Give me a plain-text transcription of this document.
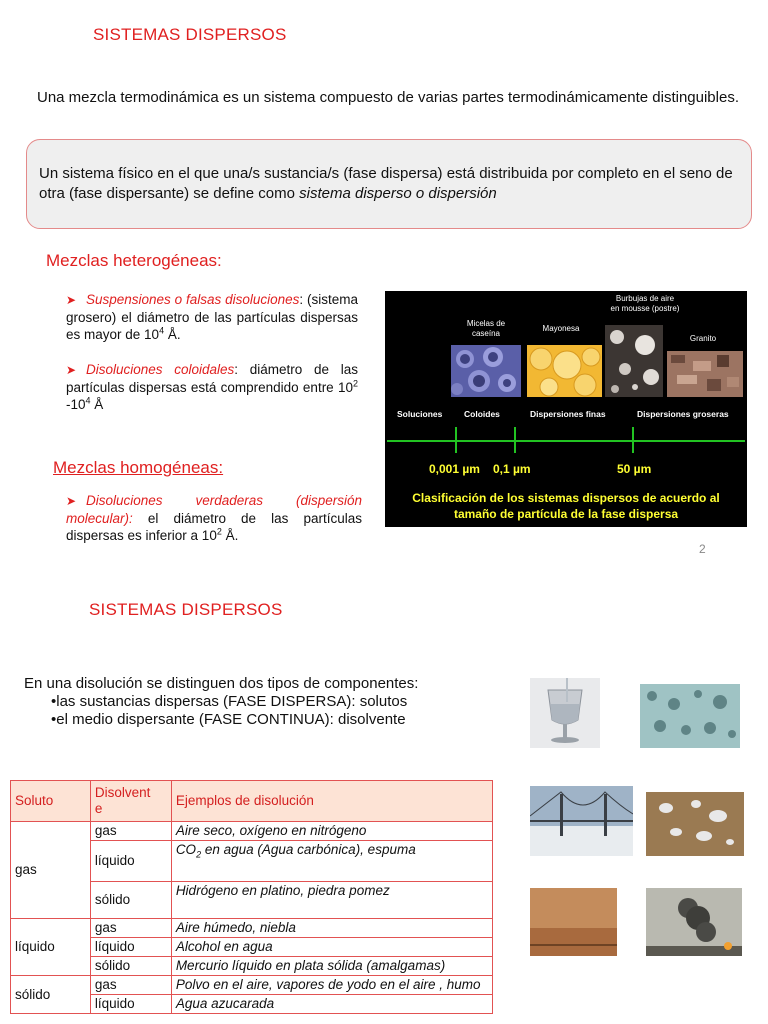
SISTEMAS DISPERSOS
Una mezcla termodinámica es un sistema compuesto de varias partes termodinámicamente distinguibles.
Un sistema físico en el que una/s sustancia/s (fase dispersa) está distribuida por completo en el seno de otra (fase dispersante) se define como sistema disperso o dispersión
Mezclas heterogéneas:
➤ Suspensiones o falsas disoluciones: (sistema grosero) el diámetro de las partículas dispersas es mayor de $10^4$ Å.
➤ Disoluciones coloidales: diámetro de las partículas dispersas está comprendido entre $10^2$ $-10^4$ Å
Mezclas homogéneas:
➤ Disoluciones verdaderas (dispersión molecular): el diámetro de las partículas dispersas es inferior a $10^2$ Å.
Micelas de
caseína
Mayonesa
Burbujas de aire
en mousse (postre)
Granito
Soluciones	Coloides	Dispersiones finas	Dispersiones groseras
0,001 µm 0,1 µm	50 µm
Clasificación de los sistemas dispersos de acuerdo al
tamaño de partícula de la fase dispersa
2
SISTEMAS DISPERSOS
En una disolución se distinguen dos tipos de componentes:
•las sustancias dispersas (FASE DISPERSA): solutos
•el medio dispersante (FASE CONTINUA): disolvente
Soluto	Disolvent
e	Ejemplos de disolución
gas	gas	Aire seco, oxígeno en nitrógeno
	líquido	$CO_2$ en agua (Agua carbónica), espuma
	sólido	Hidrógeno en platino, piedra pomez
líquido	gas	Aire húmedo, niebla
	líquido	Alcohol en agua
	sólido	Mercurio líquido en plata sólida (amalgamas)
sólido	gas	Polvo en el aire, vapores de yodo en el aire , humo
	líquido	Agua azucarada
